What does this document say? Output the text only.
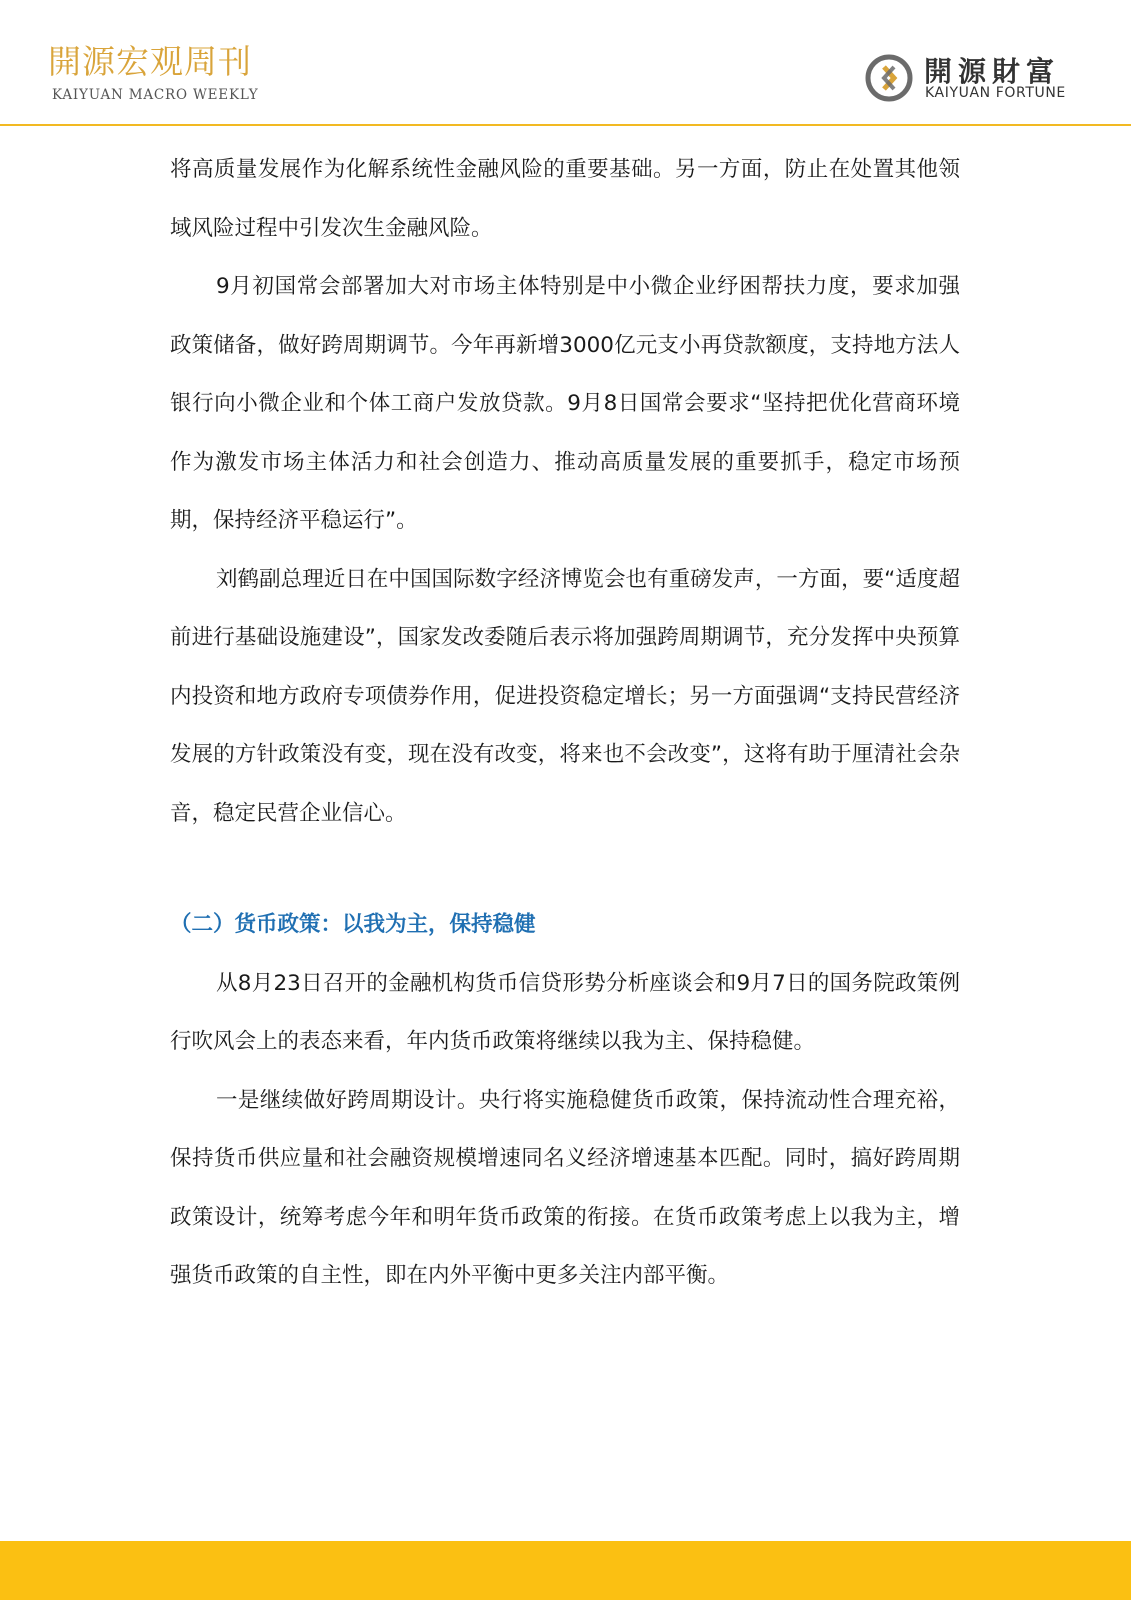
開源宏观周刊
KAIYUAN MACRO WEEKLY
開源財富
KAIYUAN FORTUNE

将高质量发展作为化解系统性金融风险的重要基础。另一方面，防止在处置其他领域风险过程中引发次生金融风险。

9月初国常会部署加大对市场主体特别是中小微企业纾困帮扶力度，要求加强政策储备，做好跨周期调节。今年再新增3000亿元支小再贷款额度，支持地方法人银行向小微企业和个体工商户发放贷款。9月8日国常会要求“坚持把优化营商环境作为激发市场主体活力和社会创造力、推动高质量发展的重要抓手，稳定市场预期，保持经济平稳运行”。

刘鹤副总理近日在中国国际数字经济博览会也有重磅发声，一方面，要“适度超前进行基础设施建设”，国家发改委随后表示将加强跨周期调节，充分发挥中央预算内投资和地方政府专项债券作用，促进投资稳定增长；另一方面强调“支持民营经济发展的方针政策没有变，现在没有改变，将来也不会改变”，这将有助于厘清社会杂音，稳定民营企业信心。

（二）货币政策：以我为主，保持稳健

从8月23日召开的金融机构货币信贷形势分析座谈会和9月7日的国务院政策例行吹风会上的表态来看，年内货币政策将继续以我为主、保持稳健。

一是继续做好跨周期设计。央行将实施稳健货币政策，保持流动性合理充裕，保持货币供应量和社会融资规模增速同名义经济增速基本匹配。同时，搞好跨周期政策设计，统筹考虑今年和明年货币政策的衔接。在货币政策考虑上以我为主，增强货币政策的自主性，即在内外平衡中更多关注内部平衡。
